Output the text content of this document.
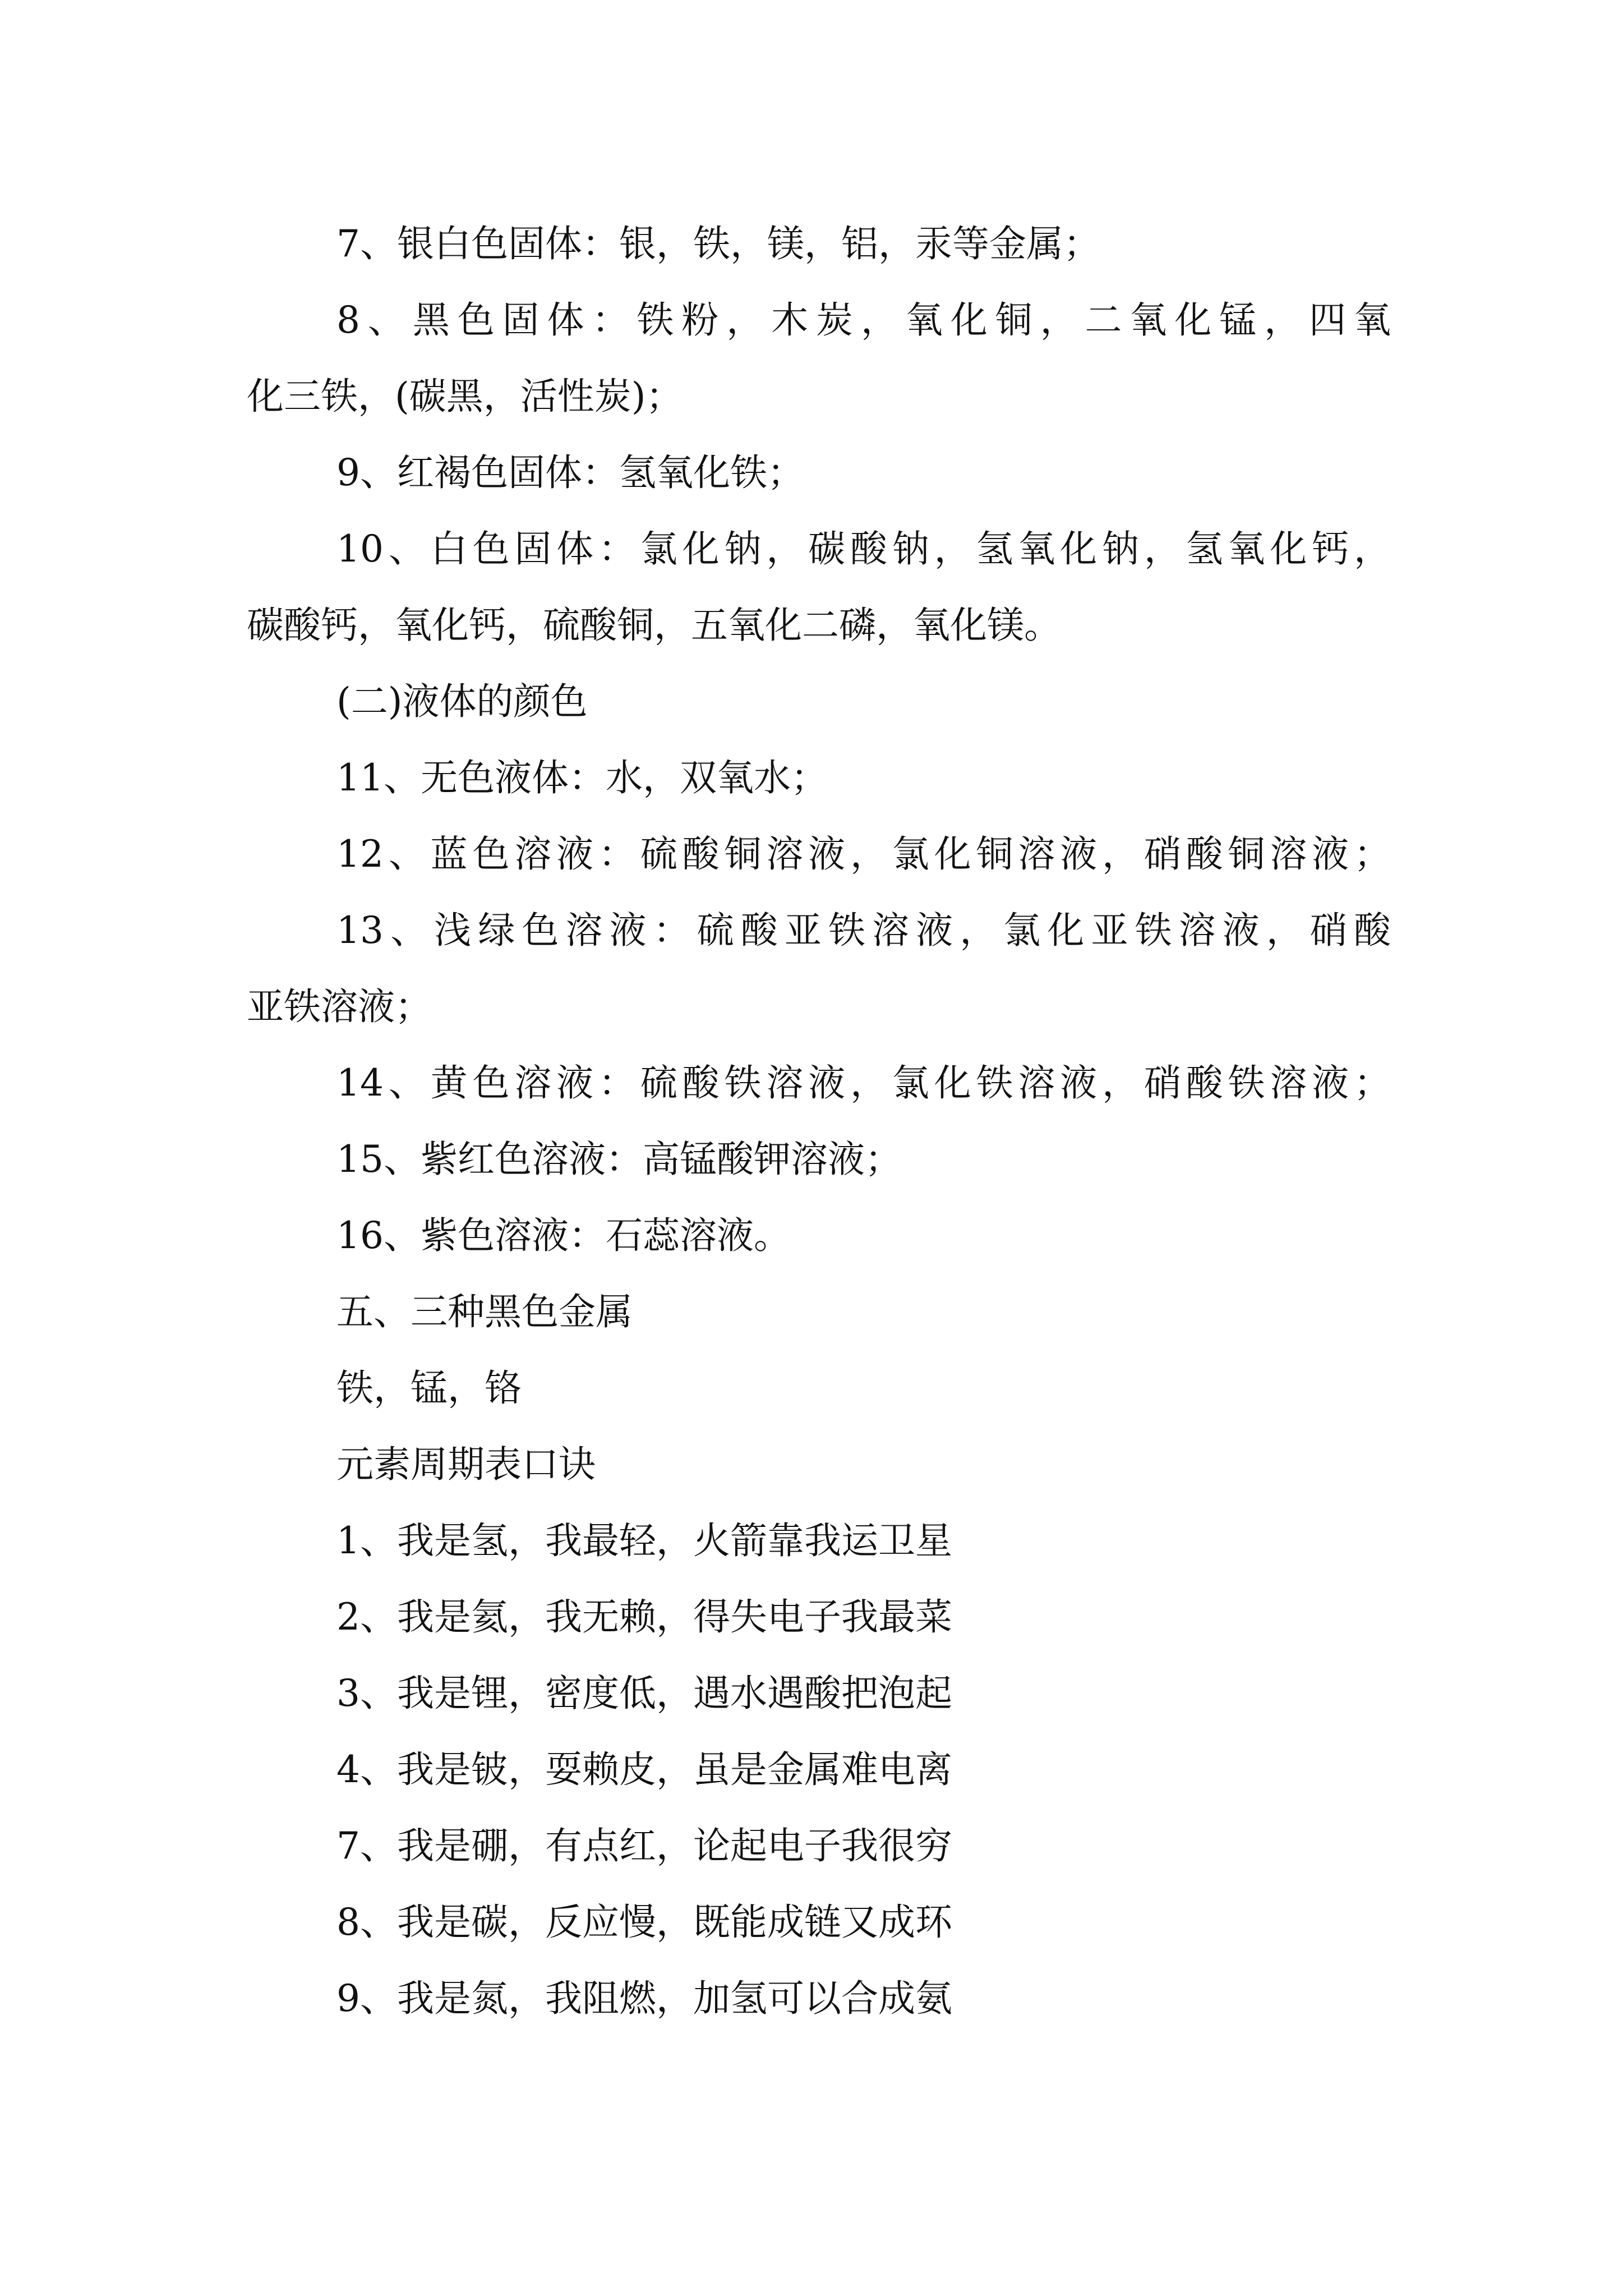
7、银白色固体：银，铁，镁，铝，汞等金属；
8、黑色固体：铁粉，木炭，氧化铜，二氧化锰，四氧
化三铁，(碳黑，活性炭)；
9、红褐色固体：氢氧化铁；
10、白色固体：氯化钠，碳酸钠，氢氧化钠，氢氧化钙，
碳酸钙，氧化钙，硫酸铜，五氧化二磷，氧化镁。
(二)液体的颜色
11、无色液体：水，双氧水；
12、蓝色溶液：硫酸铜溶液，氯化铜溶液，硝酸铜溶液；
13、浅绿色溶液：硫酸亚铁溶液，氯化亚铁溶液，硝酸
亚铁溶液；
14、黄色溶液：硫酸铁溶液，氯化铁溶液，硝酸铁溶液；
15、紫红色溶液：高锰酸钾溶液；
16、紫色溶液：石蕊溶液。
五、三种黑色金属
铁，锰，铬
元素周期表口诀
1、我是氢，我最轻，火箭靠我运卫星
2、我是氦，我无赖，得失电子我最菜
3、我是锂，密度低，遇水遇酸把泡起
4、我是铍，耍赖皮，虽是金属难电离
7、我是硼，有点红，论起电子我很穷
8、我是碳，反应慢，既能成链又成环
9、我是氮，我阻燃，加氢可以合成氨
